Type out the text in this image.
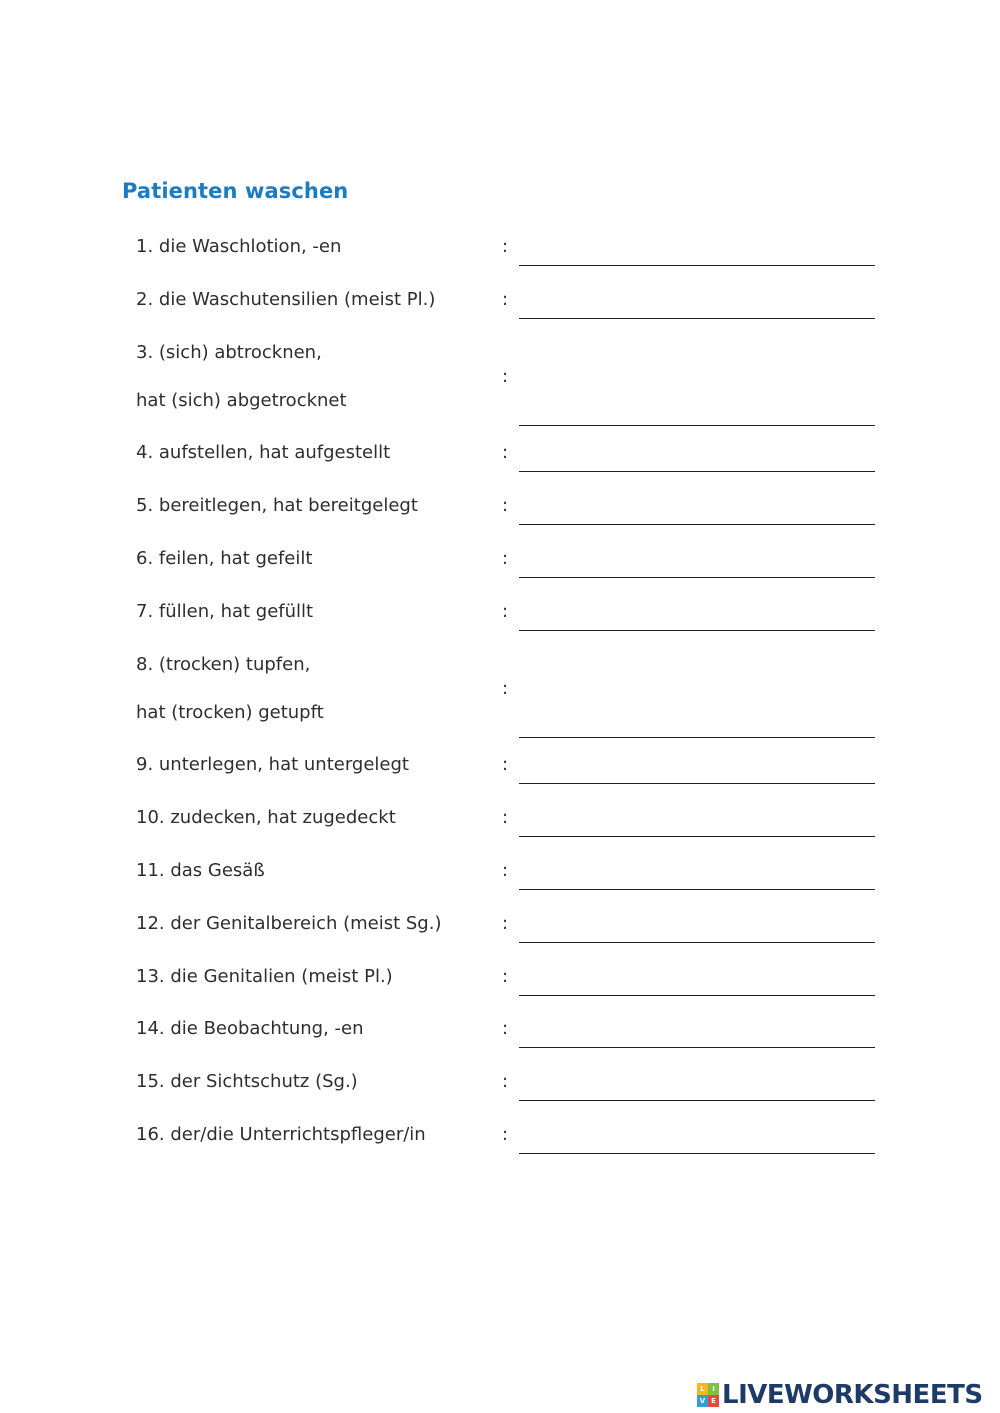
Patienten waschen
1. die Waschlotion, -en	:
2. die Waschutensilien (meist Pl.)	:
3. (sich) abtrocknen,
hat (sich) abgetrocknet
:
4. aufstellen, hat aufgestellt	:
5. bereitlegen, hat bereitgelegt	:
6. feilen, hat gefeilt	:
7. füllen, hat gefüllt	:
8. (trocken) tupfen,
hat (trocken) getupft
:
9. unterlegen, hat untergelegt	:
10. zudecken, hat zugedeckt	:
11. das Gesäß	:
12. der Genitalbereich (meist Sg.)	:
13. die Genitalien (meist Pl.)	:
14. die Beobachtung, -en	:
15. der Sichtschutz (Sg.)	:
16. der/die Unterrichtspfleger/in	:
L	I
V E LIVEWORKSHEETS
